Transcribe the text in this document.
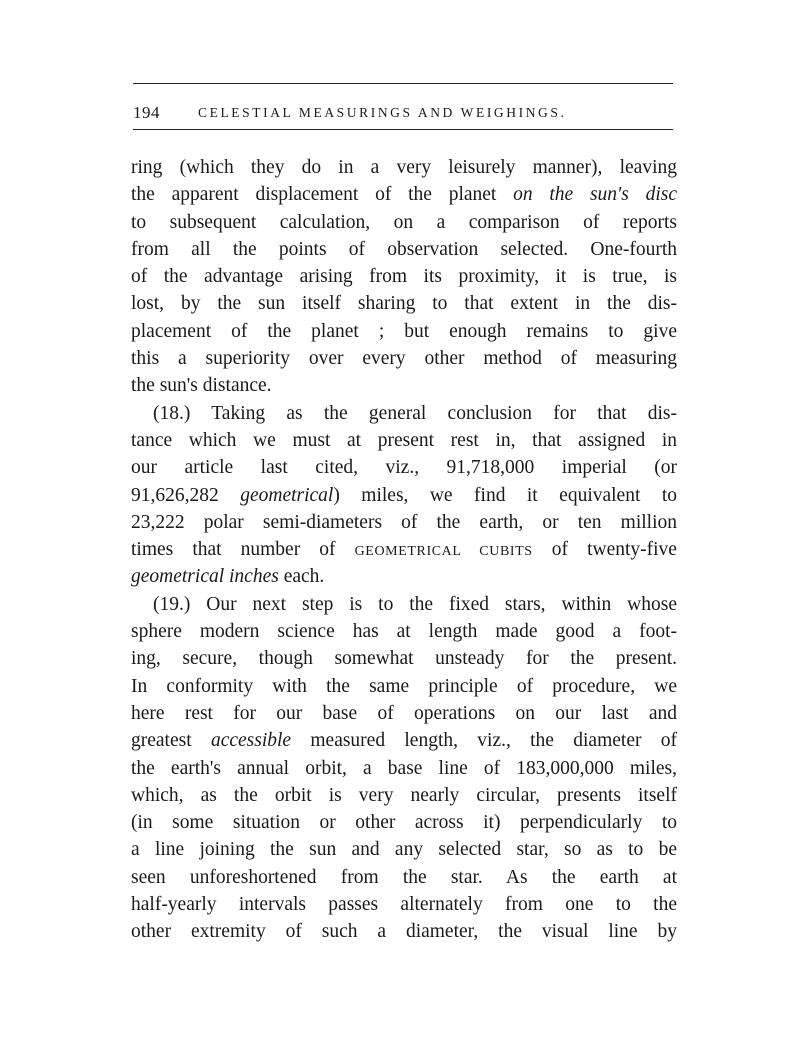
194	CELESTIAL MEASURINGS AND WEIGHINGS.
ring (which they do in a very leisurely manner), leaving
the apparent displacement of the planet on the sun's disc
to subsequent calculation, on a comparison of reports
from all the points of observation selected. One-fourth
of the advantage arising from its proximity, it is true, is
lost, by the sun itself sharing to that extent in the dis-
placement of the planet ; but enough remains to give
this a superiority over every other method of measuring
the sun's distance.
(18.) Taking as the general conclusion for that dis-
tance which we must at present rest in, that assigned in
our article last cited, viz., 91,718,000 imperial (or
91,626,282 geometrical) miles, we find it equivalent to
23,222 polar semi-diameters of the earth, or ten million
times that number of GEOMETRICAL CUBITS of twenty-five
geometrical inches each.
(19.) Our next step is to the fixed stars, within whose
sphere modern science has at length made good a foot-
ing, secure, though somewhat unsteady for the present.
In conformity with the same principle of procedure, we
here rest for our base of operations on our last and
greatest accessible measured length, viz., the diameter of
the earth's annual orbit, a base line of 183,000,000 miles,
which, as the orbit is very nearly circular, presents itself
(in some situation or other across it) perpendicularly to
a line joining the sun and any selected star, so as to be
seen unforeshortened from the star. As the earth at
half-yearly intervals passes alternately from one to the
other extremity of such a diameter, the visual line by
